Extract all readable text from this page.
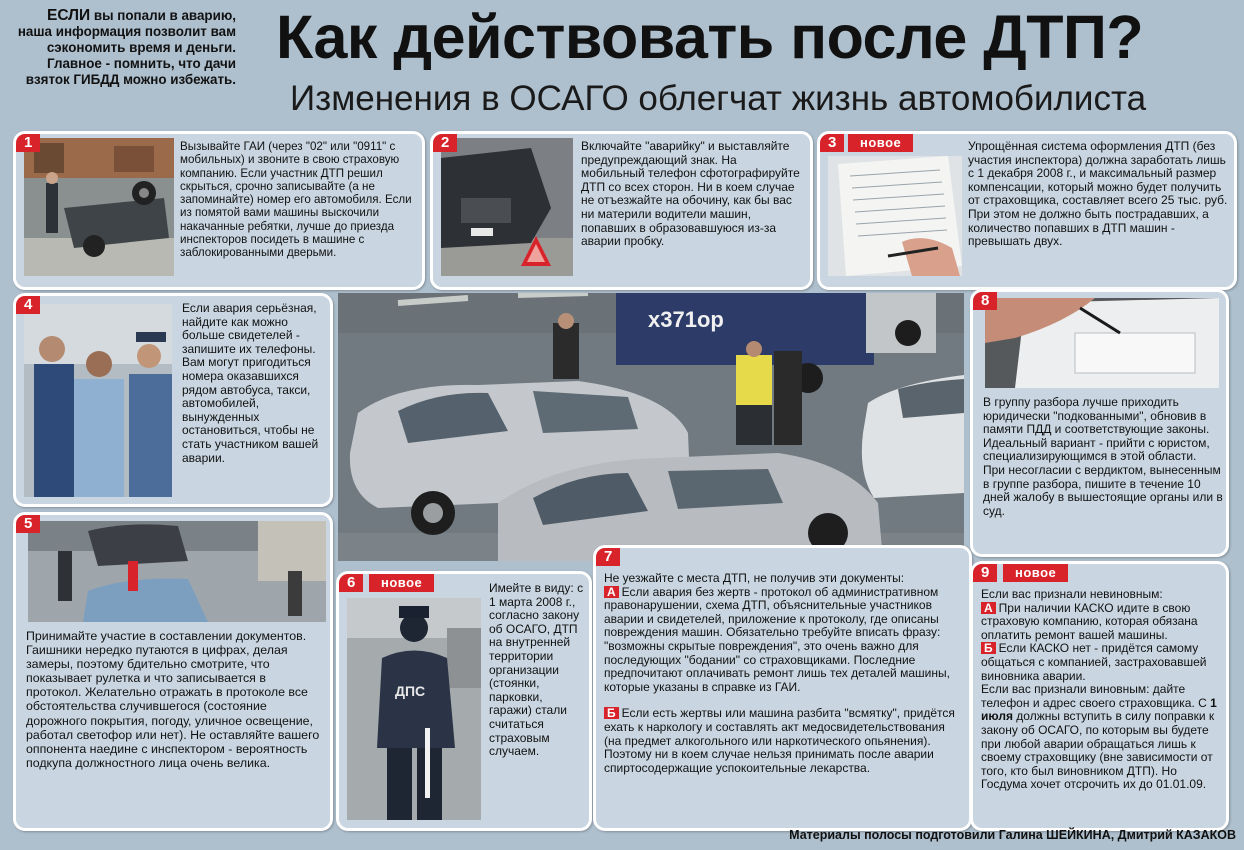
ЕСЛИ вы попали в аварию, наша информация позволит вам сэкономить время и деньги.

Главное - помнить, что дачи взяток ГИБДД можно избежать.

Как действовать после ДТП?
Изменения в ОСАГО облегчат жизнь автомобилиста
1	Вызывайте ГАИ (через "02" или "0911" с мобильных) и звоните в свою страховую компанию. Если участник ДТП решил скрыться, срочно записывайте (а не запоминайте) номер его автомобиля. Если из помятой вами машины выскочили накачанные ребятки, лучше до приезда инспекторов посидеть в машине с заблокированными дверьми.
2	Включайте "аварийку" и выставляйте предупреждающий знак. На мобильный телефон сфотографируйте ДТП со всех сторон. Ни в коем случае не отъезжайте на обочину, как бы вас ни материли водители машин, попавших в образовавшуюся из-за аварии пробку.
3	новое	Упрощённая система оформления ДТП (без участия инспектора) должна заработать лишь с 1 декабря 2008 г., и максимальный размер компенсации, который можно будет получить от страховщика, составляет всего 25 тыс. руб. При этом не должно быть пострадавших, а количество попавших в ДТП машин - превышать двух.
4	Если авария серьёзная, найдите как можно больше свидетелей - запишите их телефоны. Вам могут пригодиться номера оказавшихся рядом автобуса, такси, автомобилей, вынужденных остановиться, чтобы не стать участником вашей аварии.
х371ор
5
Принимайте участие в составлении документов. Гаишники нередко путаются в цифрах, делая замеры, поэтому бдительно смотрите, что показывает рулетка и что записывается в протокол. Желательно отражать в протоколе все обстоятельства случившегося (состояние дорожного покрытия, погоду, уличное освещение, работал светофор или нет). Не оставляйте вашего оппонента наедине с инспектором - вероятность подкупа должностного лица очень велика.
6	новое
ДПС
Имейте в виду: с 1 марта 2008 г., согласно закону об ОСАГО, ДТП на внутренней территории организации (стоянки, парковки, гаражи) стали считаться страховым случаем.
7

Не уезжайте с места ДТП, не получив эти документы:

А Если авария без жертв - протокол об административном правонарушении, схема ДТП, объяснительные участников аварии и свидетелей, приложение к протоколу, где описаны повреждения машин. Обязательно требуйте вписать фразу: "возможны скрытые повреждения", это очень важно для последующих "бодании" со страховщиками. Последние предпочитают оплачивать ремонт лишь тех деталей машины, которые указаны в справке из ГАИ.

Б Если есть жертвы или машина разбита "всмятку", придётся ехать к наркологу и составлять акт медосвидетельствования (на предмет алкогольного или наркотического опьянения). Поэтому ни в коем случае нельзя принимать после аварии спиртосодержащие успокоительные лекарства.

8

В группу разбора лучше приходить юридически "подкованными", обновив в памяти ПДД и соответствующие законы.

Идеальный вариант - прийти с юристом, специализирующимся в этой области.

При несогласии с вердиктом, вынесенным в группе разбора, пишите в течение 10 дней жалобу в вышестоящие органы или в суд.

9	новое

Если вас признали невиновным:

А При наличии КАСКО идите в свою страховую компанию, которая обязана оплатить ремонт вашей машины.

Б Если КАСКО нет - придётся самому общаться с компанией, застраховавшей виновника аварии.

Если вас признали виновным: дайте телефон и адрес своего страховщика. С 1 июля должны вступить в силу поправки к закону об ОСАГО, по которым вы будете при любой аварии обращаться лишь к своему страховщику (вне зависимости от того, кто был виновником ДТП). Но Госдума хочет отсрочить их до 01.01.09.

Материалы полосы подготовили Галина ШЕЙКИНА, Дмитрий КАЗАКОВ
